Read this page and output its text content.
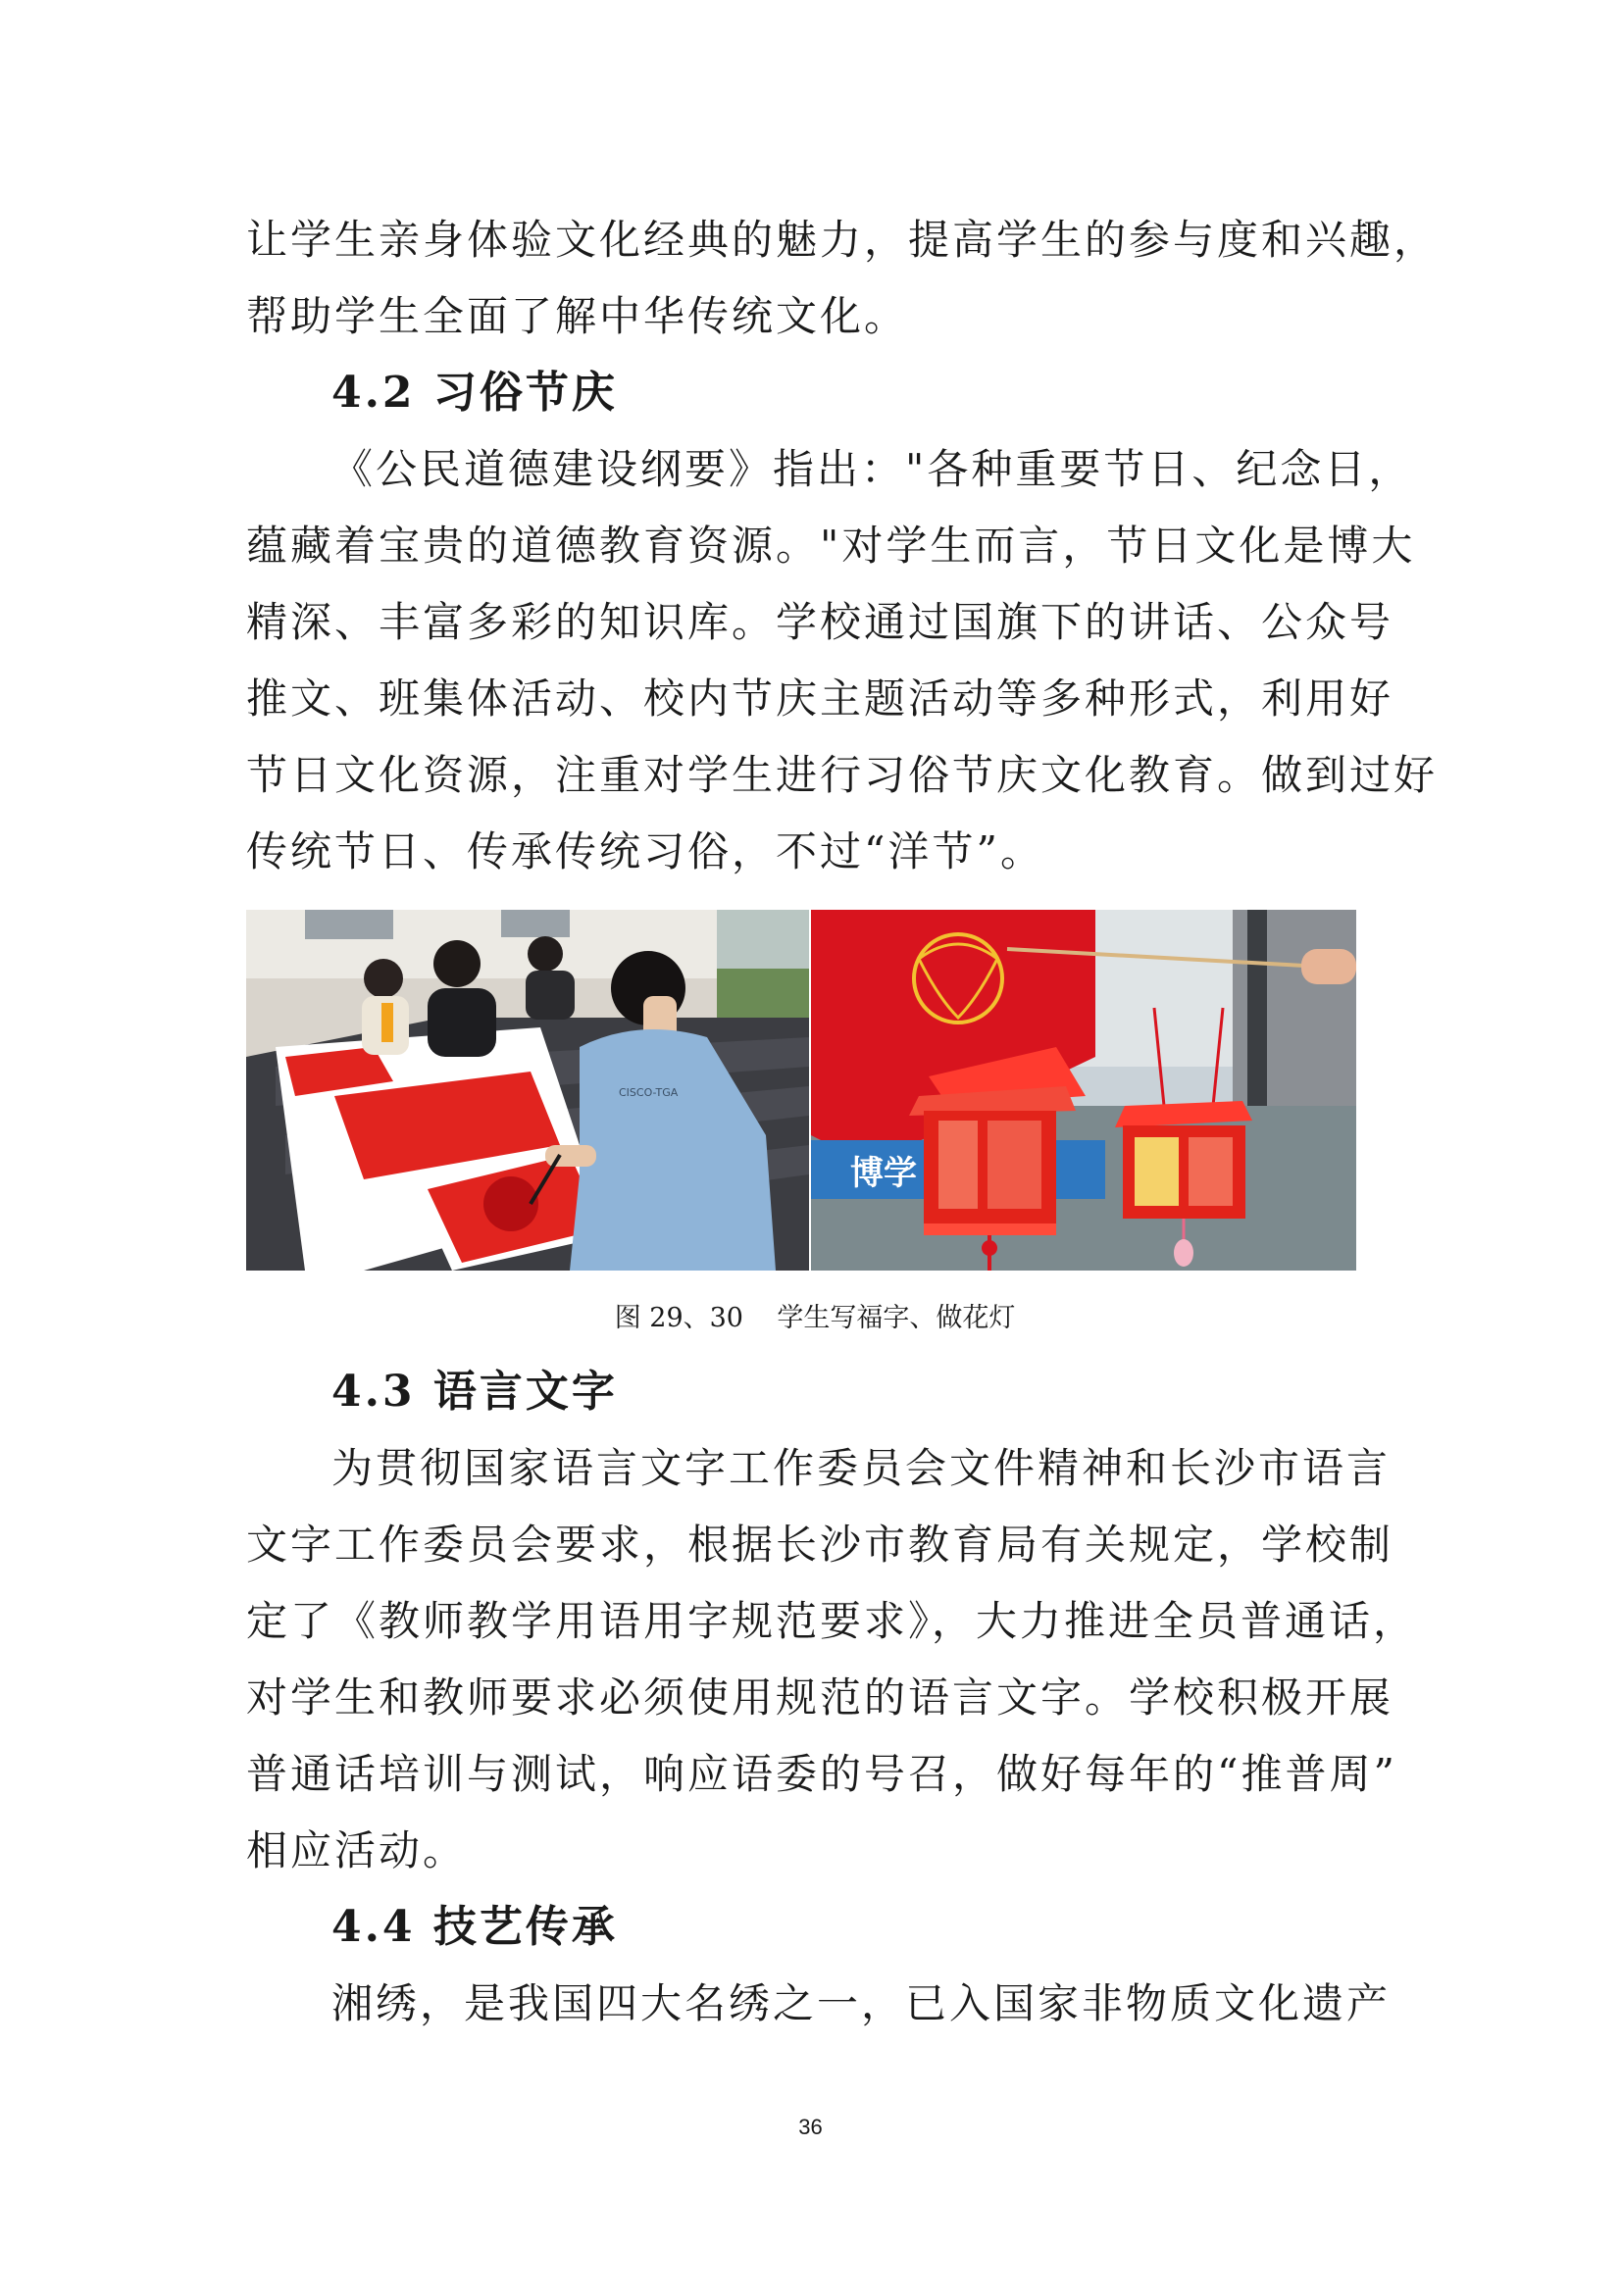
让学生亲身体验文化经典的魅力，提高学生的参与度和兴趣，
帮助学生全面了解中华传统文化。
4.2 习俗节庆
《公民道德建设纲要》指出："各种重要节日、纪念日，
蕴藏着宝贵的道德教育资源。"对学生而言，节日文化是博大
精深、丰富多彩的知识库。学校通过国旗下的讲话、公众号
推文、班集体活动、校内节庆主题活动等多种形式，利用好
节日文化资源，注重对学生进行习俗节庆文化教育。做到过好
传统节日、传承传统习俗，不过“洋节”。
CISCO-TGA
博学
图 29、30    学生写福字、做花灯
4.3 语言文字
为贯彻国家语言文字工作委员会文件精神和长沙市语言
文字工作委员会要求，根据长沙市教育局有关规定，学校制
定了《教师教学用语用字规范要求》，大力推进全员普通话，
对学生和教师要求必须使用规范的语言文字。学校积极开展
普通话培训与测试，响应语委的号召，做好每年的“推普周”
相应活动。
4.4 技艺传承
湘绣，是我国四大名绣之一，已入国家非物质文化遗产
36
